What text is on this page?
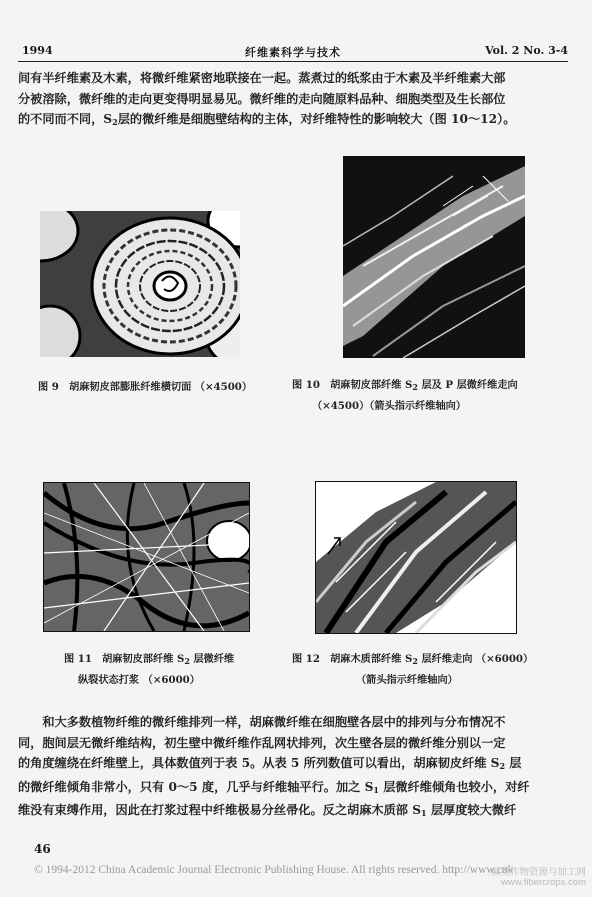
1994	纤维素科学与技术	Vol. 2 No. 3-4
间有半纤维素及木素，将微纤维紧密地联接在一起。蒸煮过的纸浆由于木素及半纤维素大部
分被溶除，微纤维的走向更变得明显易见。微纤维的走向随原料品种、细胞类型及生长部位
的不同而不同，$S_2$层的微纤维是细胞壁结构的主体，对纤维特性的影响较大（图 10～12）。
图 9　胡麻韧皮部膨胀纤维横切面 （×4500）	图 10　胡麻韧皮部纤维 $S_2$ 层及 P 层微纤维走向
（×4500）（箭头指示纤维轴向）
图 11　胡麻韧皮部纤维 $S_2$ 层微纤维
纵裂状态打浆 （×6000）
图 12　胡麻木质部纤维 $S_2$ 层纤维走向 （×6000）
（箭头指示纤维轴向）
　　和大多数植物纤维的微纤维排列一样，胡麻微纤维在细胞壁各层中的排列与分布情况不
同，胞间层无微纤维结构，初生壁中微纤维作乱网状排列，次生壁各层的微纤维分别以一定
的角度缠绕在纤维壁上，具体数值列于表 5。从表 5 所列数值可以看出，胡麻韧皮纤维 $S_2$ 层
的微纤维倾角非常小，只有 0～5 度，几乎与纤维轴平行。加之 $S_1$ 层微纤维倾角也较小，对纤
维没有束缚作用，因此在打浆过程中纤维极易分丝帚化。反之胡麻木质部 $S_1$ 层厚度较大微纤
46
© 1994-2012 China Academic Journal Electronic Publishing House. All rights reserved. http://www.cnk
麻类作物资源与加工网
www.fibercrops.com
